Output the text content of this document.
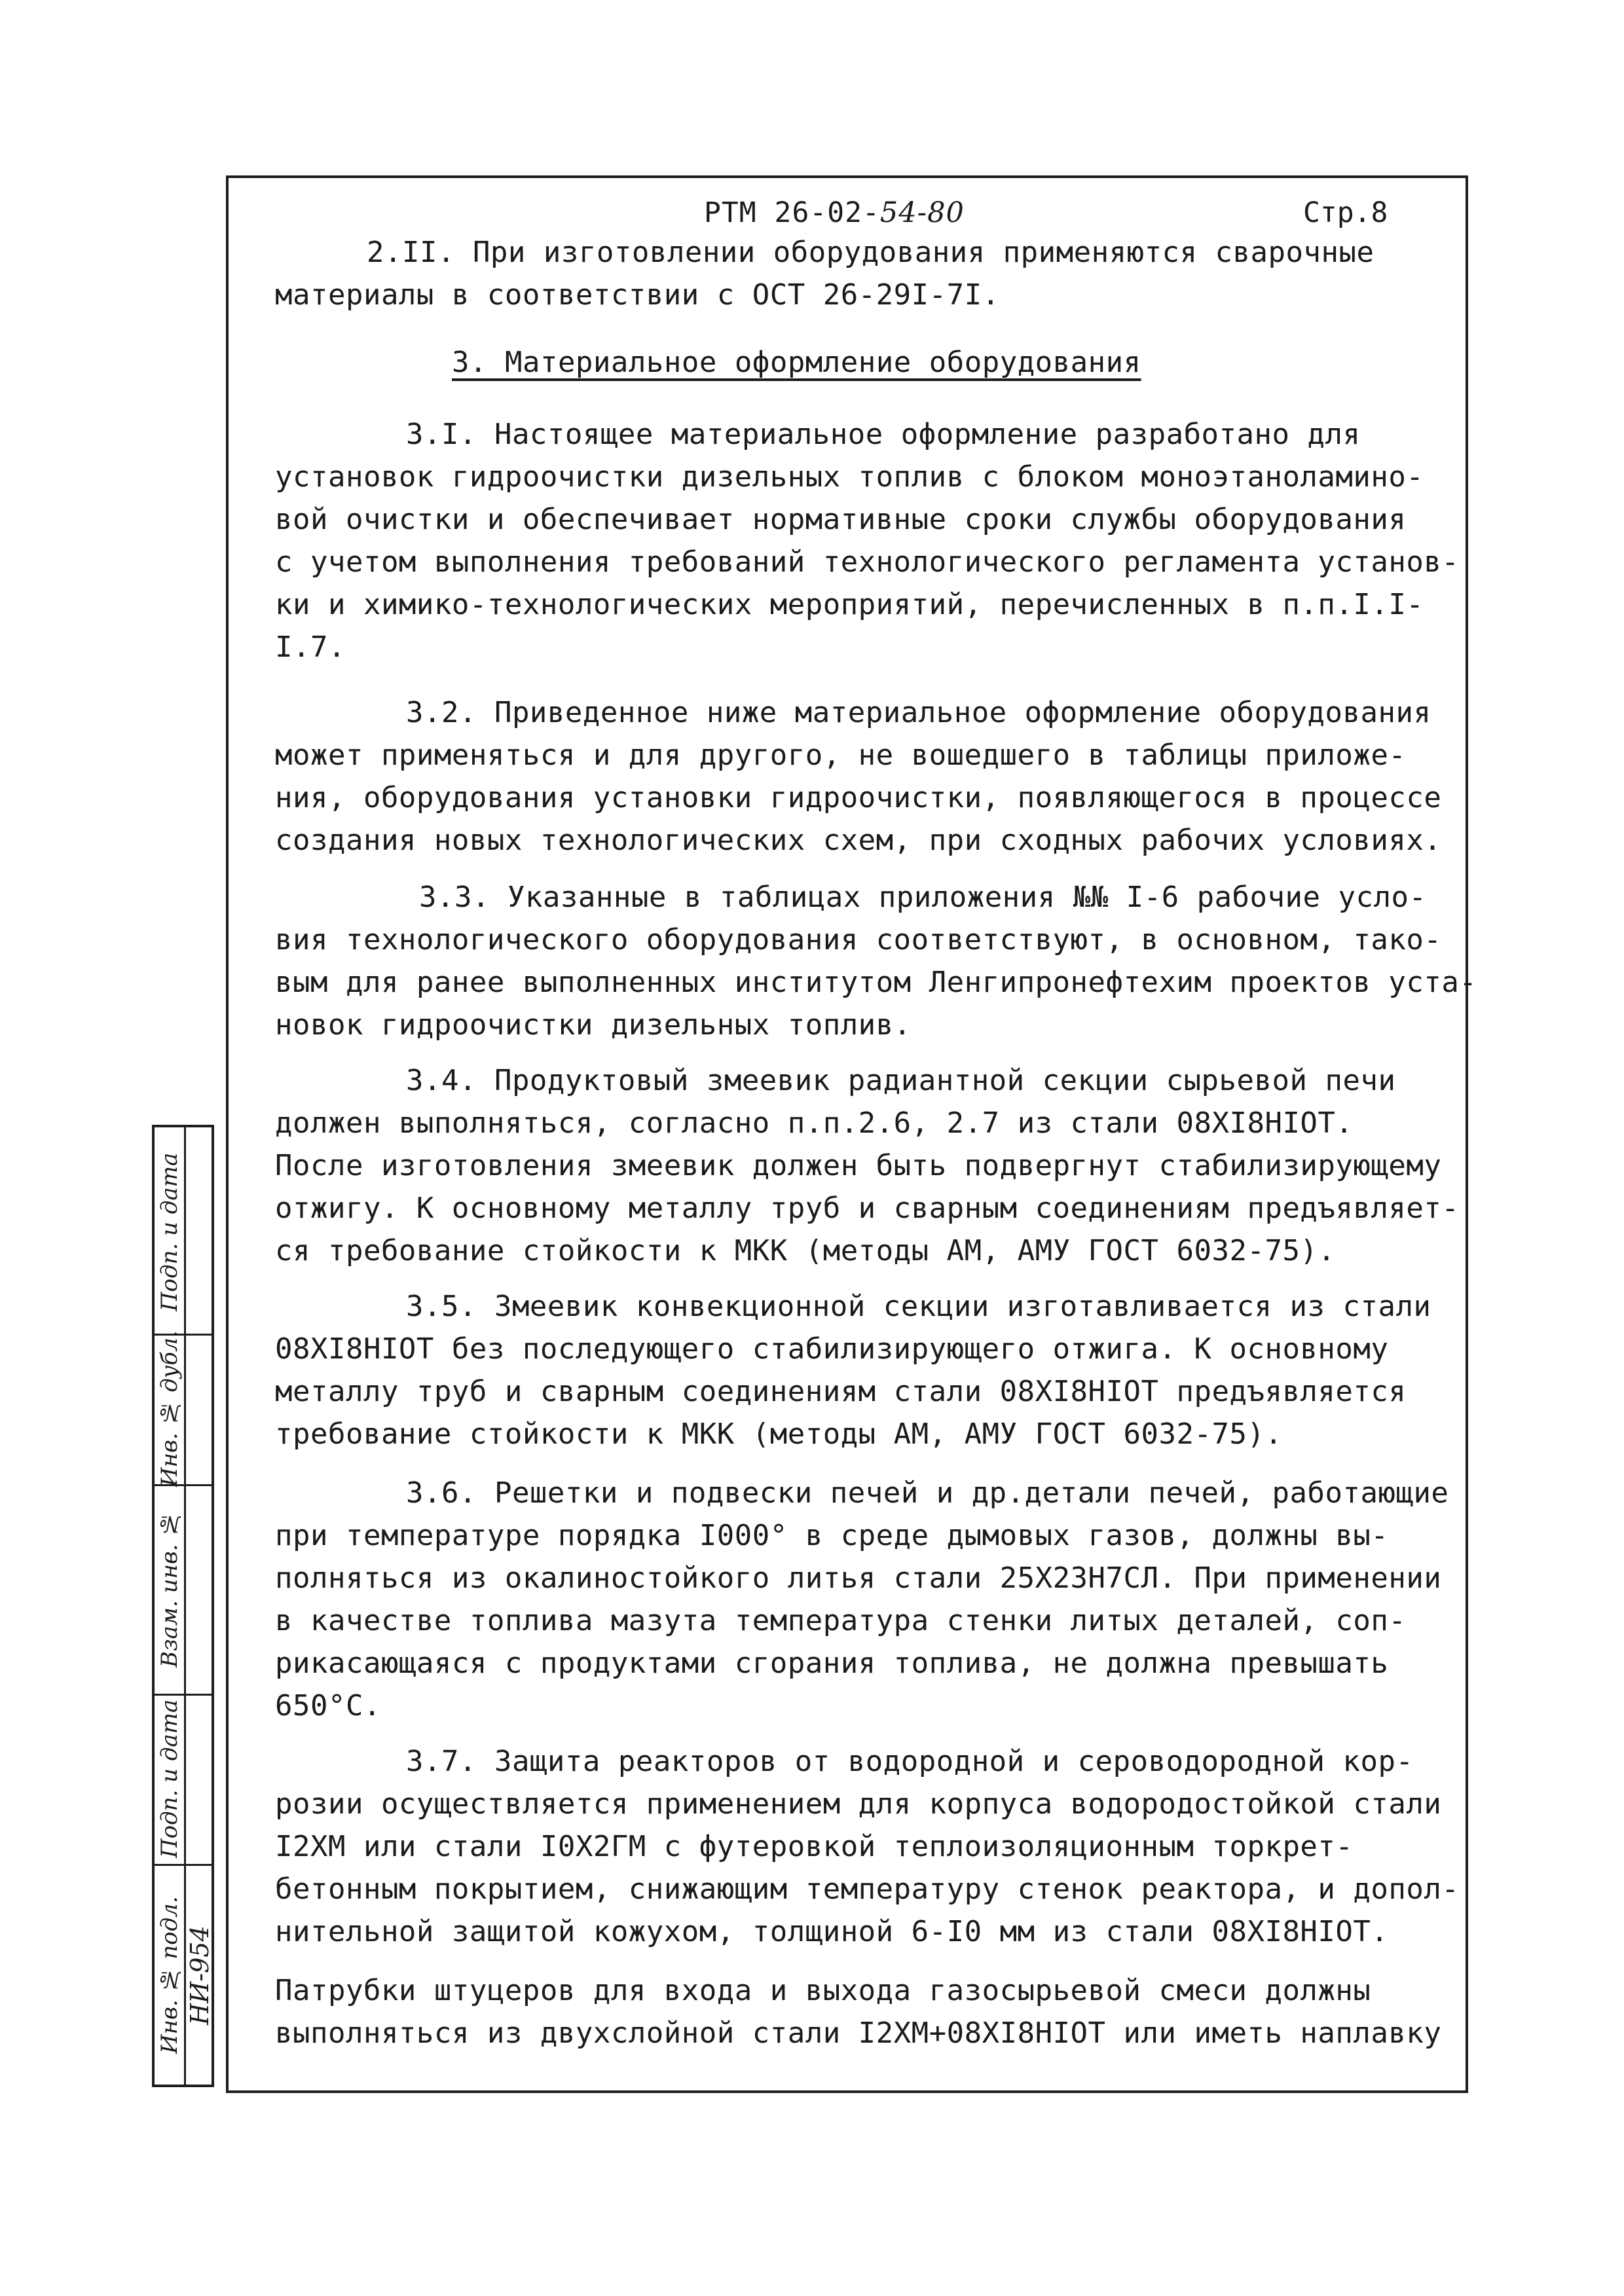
РТМ 26-02-54-80	Стр.8
2.II. При изготовлении оборудования применяются сварочные
материалы в соответствии с ОСТ 26-29I-7I.
3. Материальное оформление оборудования
3.I. Настоящее материальное оформление разработано для
установок гидроочистки дизельных топлив с блоком моноэтаноламино-
вой очистки и обеспечивает нормативные сроки службы оборудования
с учетом выполнения требований технологического регламента установ-
ки и химико-технологических мероприятий, перечисленных в п.п.I.I-
I.7.
3.2. Приведенное ниже материальное оформление оборудования
может применяться и для другого, не вошедшего в таблицы приложе-
ния, оборудования установки гидроочистки, появляющегося в процессе
создания новых технологических схем, при сходных рабочих условиях.
3.3. Указанные в таблицах приложения №№ I-6 рабочие усло-
вия технологического оборудования соответствуют, в основном, тако-
вым для ранее выполненных институтом Ленгипронефтехим проектов уста-
новок гидроочистки дизельных топлив.
3.4. Продуктовый змеевик радиантной секции сырьевой печи
должен выполняться, согласно п.п.2.6, 2.7 из стали 08ХI8НIОТ.
После изготовления змеевик должен быть подвергнут стабилизирующему
отжигу. К основному металлу труб и сварным соединениям предъявляет-
ся требование стойкости к МКК (методы АМ, АМУ ГОСТ 6032-75).
3.5. Змеевик конвекционной секции изготавливается из стали
08ХI8НIОТ без последующего стабилизирующего отжига. К основному
металлу труб и сварным соединениям стали 08ХI8НIОТ предъявляется
требование стойкости к МКК (методы АМ, АМУ ГОСТ 6032-75).
3.6. Решетки и подвески печей и др.детали печей, работающие
при температуре порядка I000° в среде дымовых газов, должны вы-
полняться из окалиностойкого литья стали 25Х23Н7СЛ. При применении
в качестве топлива мазута температура стенки литых деталей, соп-
рикасающаяся с продуктами сгорания топлива, не должна превышать
650°С.
3.7. Защита реакторов от водородной и сероводородной кор-
розии осуществляется применением для корпуса водородостойкой стали
I2ХМ или стали I0Х2ГМ с футеровкой теплоизоляционным торкрет-
бетонным покрытием, снижающим температуру стенок реактора, и допол-
нительной защитой кожухом, толщиной 6-I0 мм из стали 08ХI8НIОТ.
Патрубки штуцеров для входа и выхода газосырьевой смеси должны
выполняться из двухслойной стали I2ХМ+08ХI8НIОТ или иметь наплавку
Подп. и дата
Инв. № дубл.
Взам. инв. №
Подп. и дата
Инв. № подл. НИ-954
